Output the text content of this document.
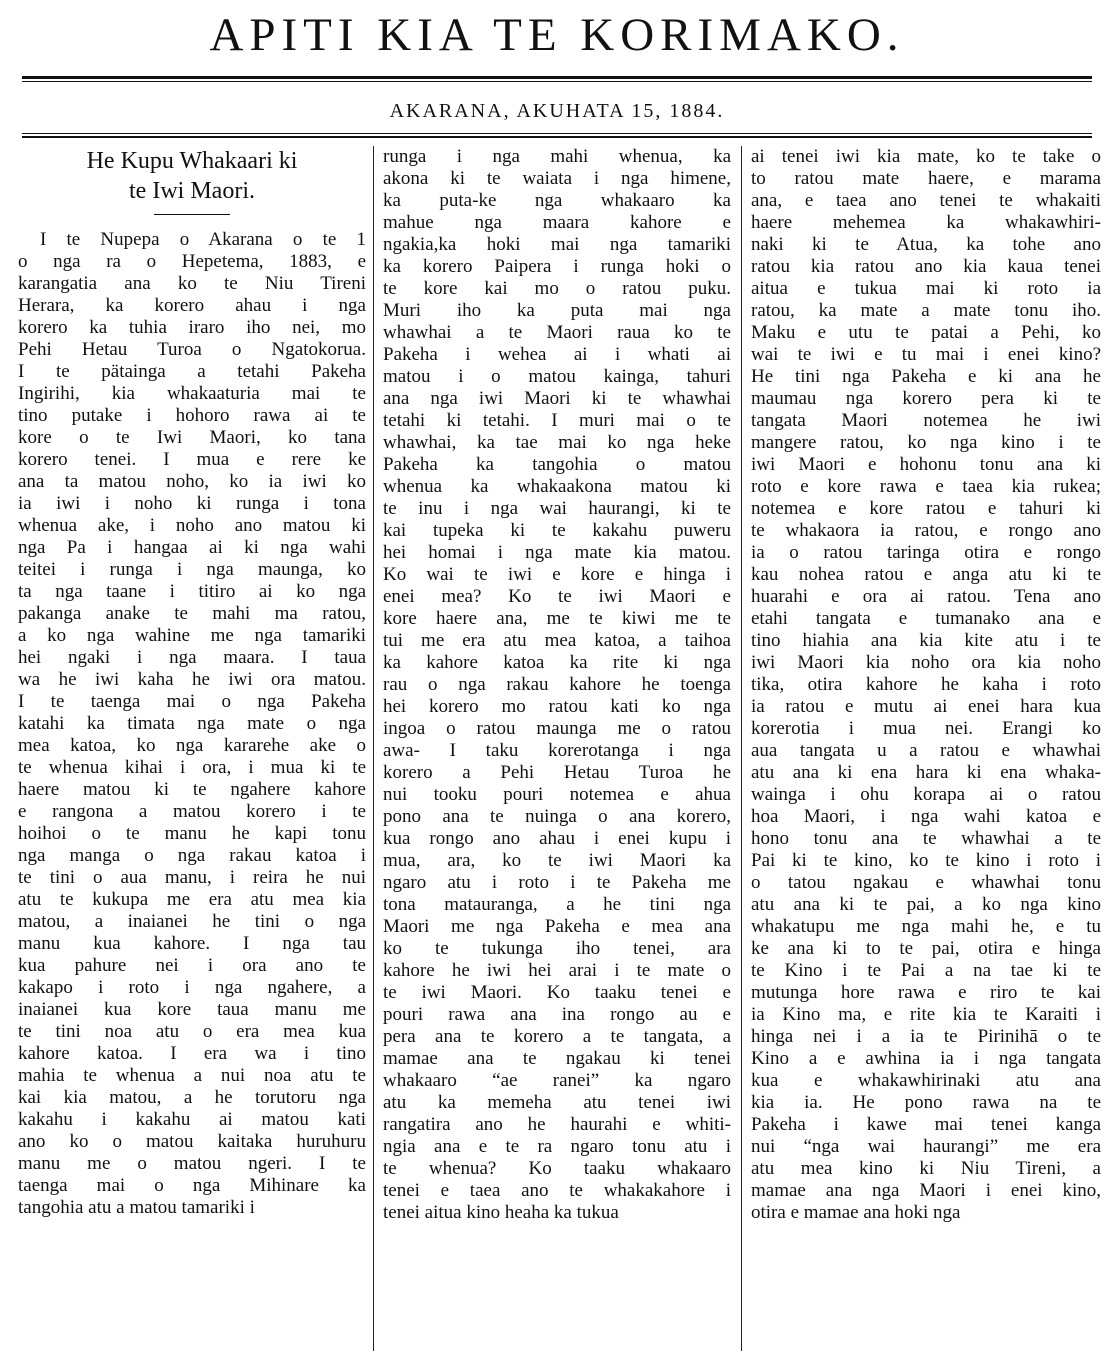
APITI KIA TE KORIMAKO.
AKARANA, AKUHATA 15, 1884.
He Kupu Whakaari ki
te Iwi Maori.
I te Nupepa o Akarana o te 1
o nga ra o Hepetema, 1883, e
karangatia ana ko te Niu Tireni
Herara, ka korero ahau i nga
korero ka tuhia iraro iho nei, mo
Pehi Hetau Turoa o Ngatokorua.
I te pätainga a tetahi Pakeha
Ingirihi, kia whakaaturia mai te
tino putake i hohoro rawa ai te
kore o te Iwi Maori, ko tana
korero tenei. I mua e rere ke
ana ta matou noho, ko ia iwi ko
ia iwi i noho ki runga i tona
whenua ake, i noho ano matou ki
nga Pa i hangaa ai ki nga wahi
teitei i runga i nga maunga, ko
ta nga taane i titiro ai ko nga
pakanga anake te mahi ma ratou,
a ko nga wahine me nga tamariki
hei ngaki i nga maara. I taua
wa he iwi kaha he iwi ora matou.
I te taenga mai o nga Pakeha
katahi ka timata nga mate o nga
mea katoa, ko nga kararehe ake o
te whenua kihai i ora, i mua ki te
haere matou ki te ngahere kahore
e rangona a matou korero i te
hoihoi o te manu he kapi tonu
nga manga o nga rakau katoa i
te tini o aua manu, i reira he nui
atu te kukupa me era atu mea kia
matou, a inaianei he tini o nga
manu kua kahore. I nga tau
kua pahure nei i ora ano te
kakapo i roto i nga ngahere, a
inaianei kua kore taua manu me
te tini noa atu o era mea kua
kahore katoa. I era wa i tino
mahia te whenua a nui noa atu te
kai kia matou, a he torutoru nga
kakahu i kakahu ai matou kati
ano ko o matou kaitaka huruhuru
manu me o matou ngeri. I te
taenga mai o nga Mihinare ka
tangohia atu a matou tamariki i
runga i nga mahi whenua, ka
akona ki te waiata i nga himene,
ka puta-ke nga whakaaro ka
mahue nga maara kahore e
ngakia,ka hoki mai nga tamariki
ka korero Paipera i runga hoki o
te kore kai mo o ratou puku.
Muri iho ka puta mai nga
whawhai a te Maori raua ko te
Pakeha i wehea ai i whati ai
matou i o matou kainga, tahuri
ana nga iwi Maori ki te whawhai
tetahi ki tetahi. I muri mai o te
whawhai, ka tae mai ko nga heke
Pakeha ka tangohia o matou
whenua ka whakaakona matou ki
te inu i nga wai haurangi, ki te
kai tupeka ki te kakahu puweru
hei homai i nga mate kia matou.
Ko wai te iwi e kore e hinga i
enei mea? Ko te iwi Maori e
kore haere ana, me te kiwi me te
tui me era atu mea katoa, a taihoa
ka kahore katoa ka rite ki nga
rau o nga rakau kahore he toenga
hei korero mo ratou kati ko nga
ingoa o ratou maunga me o ratou
awa- I taku korerotanga i nga
korero a Pehi Hetau Turoa he
nui tooku pouri notemea e ahua
pono ana te nuinga o ana korero,
kua rongo ano ahau i enei kupu i
mua, ara, ko te iwi Maori ka
ngaro atu i roto i te Pakeha me
tona matauranga, a he tini nga
Maori me nga Pakeha e mea ana
ko te tukunga iho tenei, ara
kahore he iwi hei arai i te mate o
te iwi Maori. Ko taaku tenei e
pouri rawa ana ina rongo au e
pera ana te korero a te tangata, a
mamae ana te ngakau ki tenei
whakaaro “ae ranei” ka ngaro
atu ka memeha atu tenei iwi
rangatira ano he haurahi e whiti-
ngia ana e te ra ngaro tonu atu i
te whenua? Ko taaku whakaaro
tenei e taea ano te whakakahore i
tenei aitua kino heaha ka tukua
ai tenei iwi kia mate, ko te take o
to ratou mate haere, e marama
ana, e taea ano tenei te whakaiti
haere mehemea ka whakawhiri-
naki ki te Atua, ka tohe ano
ratou kia ratou ano kia kaua tenei
aitua e tukua mai ki roto ia
ratou, ka mate a mate tonu iho.
Maku e utu te patai a Pehi, ko
wai te iwi e tu mai i enei kino?
He tini nga Pakeha e ki ana he
maumau nga korero pera ki te
tangata Maori notemea he iwi
mangere ratou, ko nga kino i te
iwi Maori e hohonu tonu ana ki
roto e kore rawa e taea kia rukea;
notemea e kore ratou e tahuri ki
te whakaora ia ratou, e rongo ano
ia o ratou taringa otira e rongo
kau nohea ratou e anga atu ki te
huarahi e ora ai ratou. Tena ano
etahi tangata e tumanako ana e
tino hiahia ana kia kite atu i te
iwi Maori kia noho ora kia noho
tika, otira kahore he kaha i roto
ia ratou e mutu ai enei hara kua
korerotia i mua nei. Erangi ko
aua tangata u a ratou e whawhai
atu ana ki ena hara ki ena whaka-
wainga i ohu korapa ai o ratou
hoa Maori, i nga wahi katoa e
hono tonu ana te whawhai a te
Pai ki te kino, ko te kino i roto i
o tatou ngakau e whawhai tonu
atu ana ki te pai, a ko nga kino
whakatupu me nga mahi he, e tu
ke ana ki to te pai, otira e hinga
te Kino i te Pai a na tae ki te
mutunga hore rawa e riro te kai
ia Kino ma, e rite kia te Karaiti i
hinga nei i a ia te Pirinihā o te
Kino a e awhina ia i nga tangata
kua e whakawhirinaki atu ana
kia ia. He pono rawa na te
Pakeha i kawe mai tenei kanga
nui “nga wai haurangi” me era
atu mea kino ki Niu Tireni, a
mamae ana nga Maori i enei kino,
otira e mamae ana hoki nga
